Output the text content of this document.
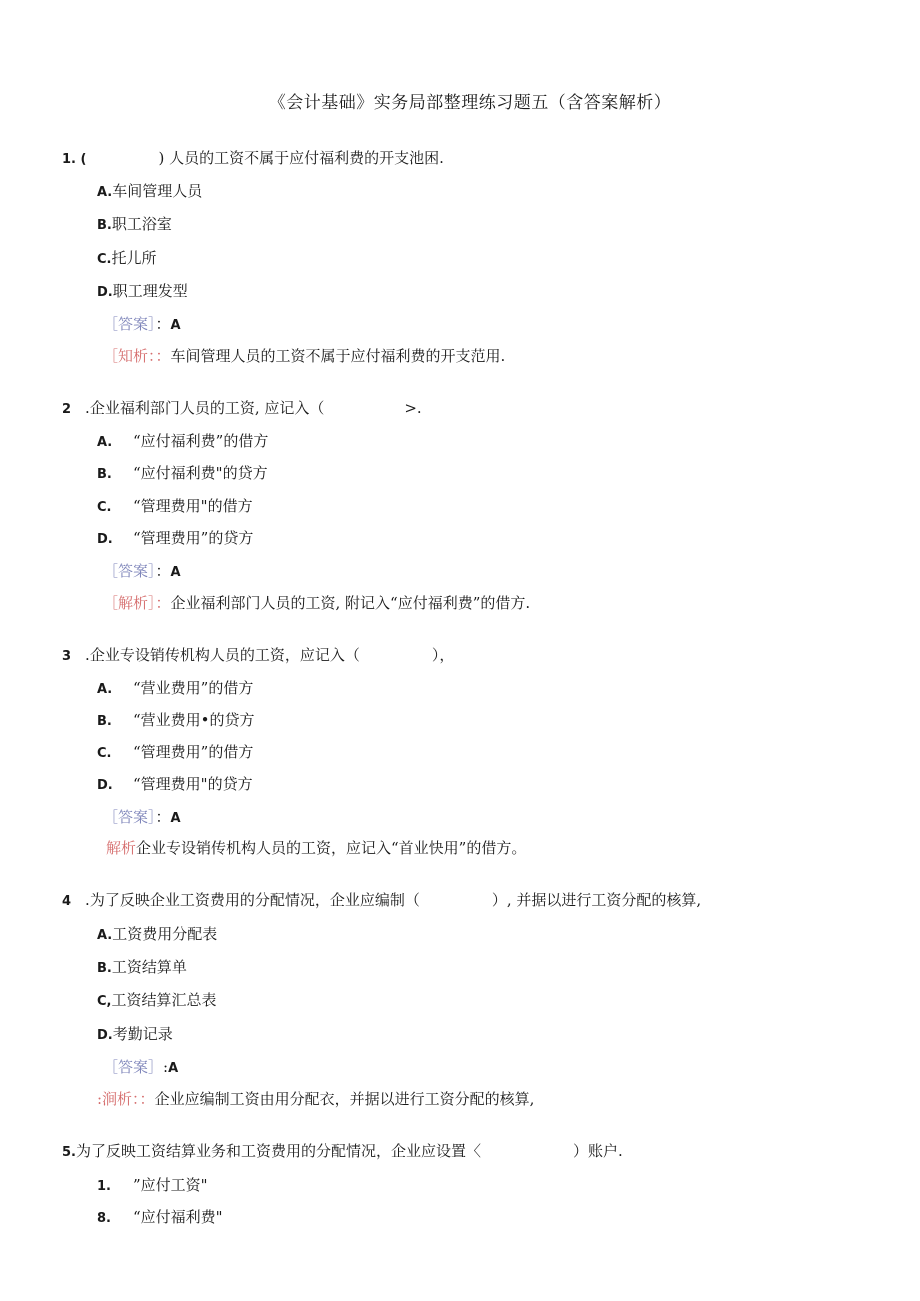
《会计基础》实务局部整理练习题五（含答案解析）
1. (	) 人员的工资不属于应付福利费的开支池困.
A.车间管理人员
B.职工浴室
C.托儿所
D.职工理发型
［答案］：A
［知析：：车间管理人员的工资不属于应付福利费的开支范用.
2 .企业福利部门人员的工资, 应记入（	>.
A. “应付福利费”的借方
B. “应付福利费"的贷方
C. “管理费用"的借方
D. “管理费用”的贷方
［答案］：A
［解析］：企业福利部门人员的工资, 附记入“应付福利费”的借方.
3 .企业专设销传机构人员的工资，应记入（	），
A. “营业费用”的借方
B. “营业费用•的贷方
C. “管理费用”的借方
D. “管理费用"的贷方
［答案］：A
解析企业专设销传机构人员的工资，应记入“首业快用”的借方。
4 .为了反映企业工资费用的分配情况，企业应编制（	）, 并据以进行工资分配的核算,
A.工资费用分配表
B.工资结算单
C,工资结算汇总表
D.考勤记录
［答案］:A
:涧析：：企业应编制工资由用分配衣，并据以进行工资分配的核算,
5.为了反映工资结算业务和工资费用的分配情况，企业应设置〈	）账户.
1. ”应付工资"
8. “应付福利费"
